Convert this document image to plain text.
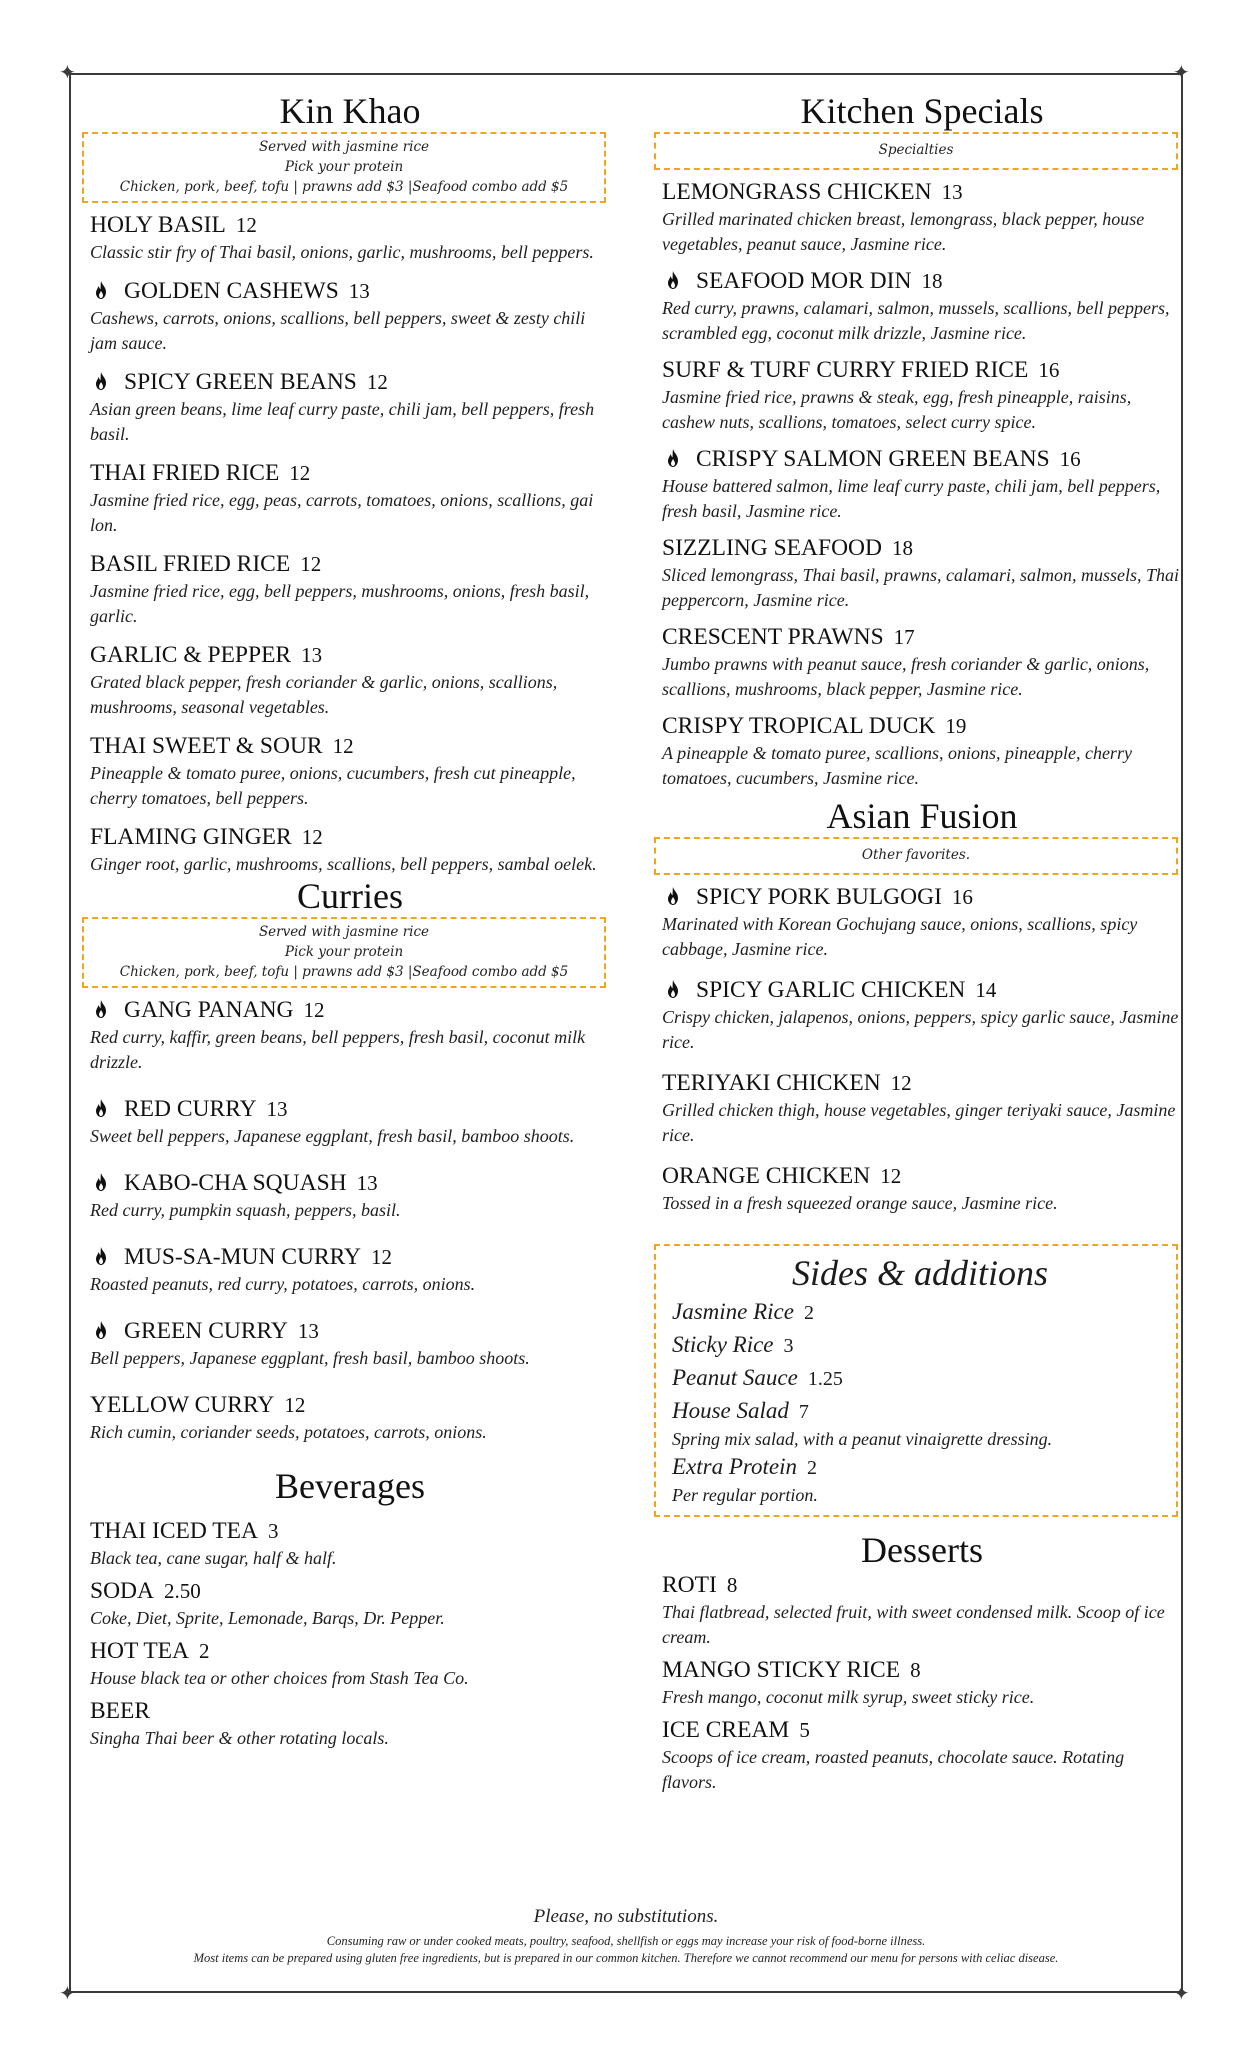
✦	✦
✦	✦
Kin Khao
Served with jasmine rice
Pick your protein
Chicken, pork, beef, tofu | prawns add $3 |Seafood combo add $5
HOLY BASIL 12
Classic stir fry of Thai basil, onions, garlic, mushrooms, bell peppers.
GOLDEN CASHEWS 13
Cashews, carrots, onions, scallions, bell peppers, sweet & zesty chili jam sauce.
SPICY GREEN BEANS 12
Asian green beans, lime leaf curry paste, chili jam, bell peppers, fresh basil.
THAI FRIED RICE 12
Jasmine fried rice, egg, peas, carrots, tomatoes, onions, scallions, gai lon.
BASIL FRIED RICE 12
Jasmine fried rice, egg, bell peppers, mushrooms, onions, fresh basil, garlic.
GARLIC & PEPPER 13
Grated black pepper, fresh coriander & garlic, onions, scallions, mushrooms, seasonal vegetables.
THAI SWEET & SOUR 12
Pineapple & tomato puree, onions, cucumbers, fresh cut pineapple, cherry tomatoes, bell peppers.
FLAMING GINGER 12
Ginger root, garlic, mushrooms, scallions, bell peppers, sambal oelek.
Curries
Served with jasmine rice
Pick your protein
Chicken, pork, beef, tofu | prawns add $3 |Seafood combo add $5
GANG PANANG 12
Red curry, kaffir, green beans, bell peppers, fresh basil, coconut milk drizzle.
RED CURRY 13
Sweet bell peppers, Japanese eggplant, fresh basil, bamboo shoots.
KABO-CHA SQUASH 13
Red curry, pumpkin squash, peppers, basil.
MUS-SA-MUN CURRY 12
Roasted peanuts, red curry, potatoes, carrots, onions.
GREEN CURRY 13
Bell peppers, Japanese eggplant, fresh basil, bamboo shoots.
YELLOW CURRY 12
Rich cumin, coriander seeds, potatoes, carrots, onions.
Beverages
THAI ICED TEA 3
Black tea, cane sugar, half & half.
SODA 2.50
Coke, Diet, Sprite, Lemonade, Barqs, Dr. Pepper.
HOT TEA 2
House black tea or other choices from Stash Tea Co.
BEER
Singha Thai beer & other rotating locals.
Kitchen Specials
Specialties
LEMONGRASS CHICKEN 13
Grilled marinated chicken breast, lemongrass, black pepper, house vegetables, peanut sauce, Jasmine rice.
SEAFOOD MOR DIN 18
Red curry, prawns, calamari, salmon, mussels, scallions, bell peppers, scrambled egg, coconut milk drizzle, Jasmine rice.
SURF & TURF CURRY FRIED RICE 16
Jasmine fried rice, prawns & steak, egg, fresh pineapple, raisins, cashew nuts, scallions, tomatoes, select curry spice.
CRISPY SALMON GREEN BEANS 16
House battered salmon, lime leaf curry paste, chili jam, bell peppers, fresh basil, Jasmine rice.
SIZZLING SEAFOOD 18
Sliced lemongrass, Thai basil, prawns, calamari, salmon, mussels, Thai peppercorn, Jasmine rice.
CRESCENT PRAWNS 17
Jumbo prawns with peanut sauce, fresh coriander & garlic, onions, scallions, mushrooms, black pepper, Jasmine rice.
CRISPY TROPICAL DUCK 19
A pineapple & tomato puree, scallions, onions, pineapple, cherry tomatoes, cucumbers, Jasmine rice.
Asian Fusion
Other favorites.
SPICY PORK BULGOGI 16
Marinated with Korean Gochujang sauce, onions, scallions, spicy cabbage, Jasmine rice.
SPICY GARLIC CHICKEN 14
Crispy chicken, jalapenos, onions, peppers, spicy garlic sauce, Jasmine rice.
TERIYAKI CHICKEN 12
Grilled chicken thigh, house vegetables, ginger teriyaki sauce, Jasmine rice.
ORANGE CHICKEN 12
Tossed in a fresh squeezed orange sauce, Jasmine rice.
Sides & additions
Jasmine Rice 2
Sticky Rice 3
Peanut Sauce 1.25
House Salad 7
Spring mix salad, with a peanut vinaigrette dressing.
Extra Protein 2
Per regular portion.
Desserts
ROTI 8
Thai flatbread, selected fruit, with sweet condensed milk. Scoop of ice cream.
MANGO STICKY RICE 8
Fresh mango, coconut milk syrup, sweet sticky rice.
ICE CREAM 5
Scoops of ice cream, roasted peanuts, chocolate sauce. Rotating flavors.
Please, no substitutions.
Consuming raw or under cooked meats, poultry, seafood, shellfish or eggs may increase your risk of food-borne illness.
Most items can be prepared using gluten free ingredients, but is prepared in our common kitchen. Therefore we cannot recommend our menu for persons with celiac disease.
